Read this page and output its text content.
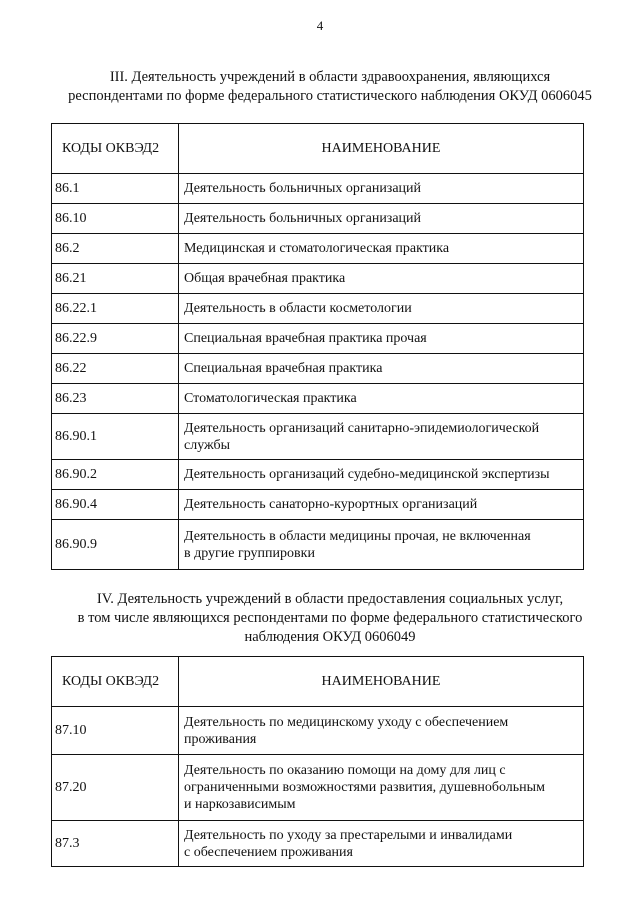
4
III. Деятельность учреждений в области здравоохранения, являющихся
респондентами по форме федерального статистического наблюдения ОКУД 0606045
КОДЫ ОКВЭД2	НАИМЕНОВАНИЕ
86.1	Деятельность больничных организаций
86.10	Деятельность больничных организаций
86.2	Медицинская и стоматологическая практика
86.21	Общая врачебная практика
86.22.1	Деятельность в области косметологии
86.22.9	Специальная врачебная практика прочая
86.22	Специальная врачебная практика
86.23	Стоматологическая практика
86.90.1	Деятельность организаций санитарно-эпидемиологической
службы

86.90.2	Деятельность организаций судебно-медицинской экспертизы
86.90.4	Деятельность санаторно-курортных организаций
86.90.9	Деятельность в области медицины прочая, не включенная
в другие группировки
IV. Деятельность учреждений в области предоставления социальных услуг,
в том числе являющихся респондентами по форме федерального статистического
наблюдения ОКУД 0606049
КОДЫ ОКВЭД2	НАИМЕНОВАНИЕ
87.10	Деятельность по медицинскому уходу с обеспечением
проживания

87.20	Деятельность по оказанию помощи на дому для лиц с
ограниченными возможностями развития, душевнобольным
и наркозависимым

87.3	Деятельность по уходу за престарелыми и инвалидами
с обеспечением проживания
